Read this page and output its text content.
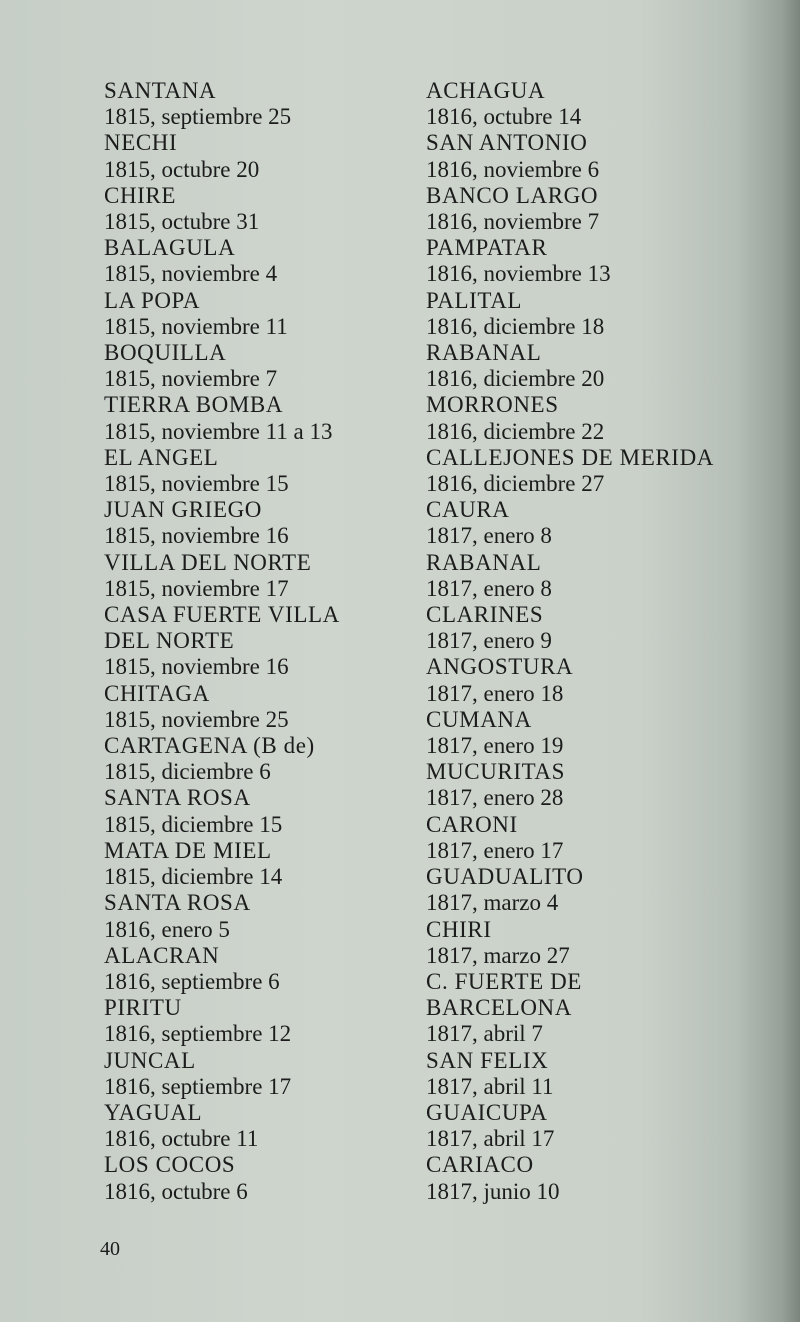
SANTANA
1815, septiembre 25
NECHI
1815, octubre 20
CHIRE
1815, octubre 31
BALAGULA
1815, noviembre 4
LA POPA
1815, noviembre 11
BOQUILLA
1815, noviembre 7
TIERRA BOMBA
1815, noviembre 11 a 13
EL ANGEL
1815, noviembre 15
JUAN GRIEGO
1815, noviembre 16
VILLA DEL NORTE
1815, noviembre 17
CASA FUERTE VILLA DEL NORTE
1815, noviembre 16
CHITAGA
1815, noviembre 25
CARTAGENA (B de)
1815, diciembre 6
SANTA ROSA
1815, diciembre 15
MATA DE MIEL
1815, diciembre 14
SANTA ROSA
1816, enero 5
ALACRAN
1816, septiembre 6
PIRITU
1816, septiembre 12
JUNCAL
1816, septiembre 17
YAGUAL
1816, octubre 11
LOS COCOS
1816, octubre 6
ACHAGUA
1816, octubre 14
SAN ANTONIO
1816, noviembre 6
BANCO LARGO
1816, noviembre 7
PAMPATAR
1816, noviembre 13
PALITAL
1816, diciembre 18
RABANAL
1816, diciembre 20
MORRONES
1816, diciembre 22
CALLEJONES DE MERIDA
1816, diciembre 27
CAURA
1817, enero 8
RABANAL
1817, enero 8
CLARINES
1817, enero 9
ANGOSTURA
1817, enero 18
CUMANA
1817, enero 19
MUCURITAS
1817, enero 28
CARONI
1817, enero 17
GUADUALITO
1817, marzo 4
CHIRI
1817, marzo 27
C. FUERTE DE BARCELONA
1817, abril 7
SAN FELIX
1817, abril 11
GUAICUPA
1817, abril 17
CARIACO
1817, junio 10
40
